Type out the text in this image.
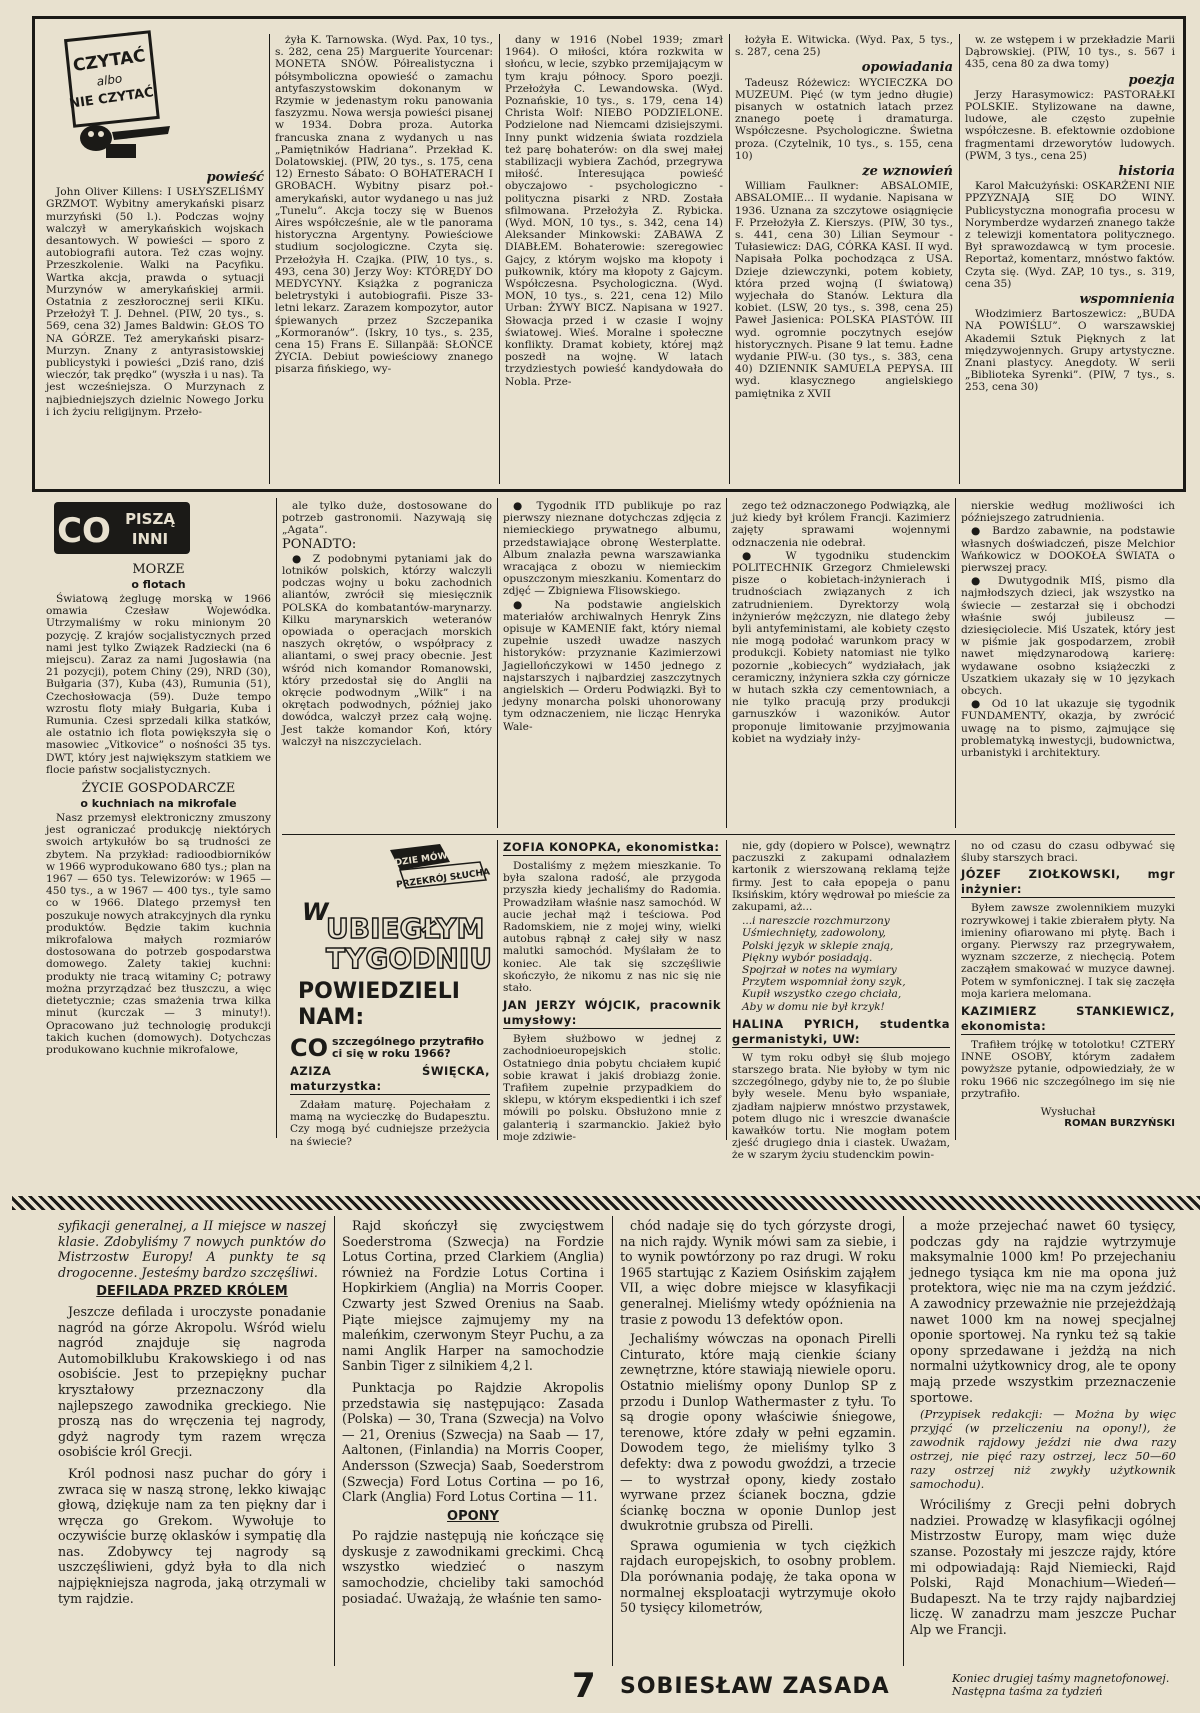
CZYTAĆ
albo
NIE CZYTAĆ
powieść

John Oliver Killens: I USŁYSZELIŚMY GRZMOT. Wybitny amerykański pisarz murzyński (50 l.). Podczas wojny walczył w amerykańskich wojskach desantowych. W powieści — sporo z autobiografii autora. Też czas wojny. Przeszkolenie. Walki na Pacyfiku. Wartka akcja, prawda o sytuacji Murzynów w amerykańskiej armii. Ostatnia z zeszłorocznej serii KIKu. Przełożył T. J. Dehnel. (PIW, 20 tys., s. 569, cena 32) James Baldwin: GŁOS TO NA GÓRZE. Też amerykański pisarz-Murzyn. Znany z antyrasistowskiej publicystyki i powieści „Dziś rano, dziś wieczór, tak prędko” (wyszła i u nas). Ta jest wcześniejsza. O Murzynach z najbiedniejszych dzielnic Nowego Jorku i ich życiu religijnym. Przeło-

żyła K. Tarnowska. (Wyd. Pax, 10 tys., s. 282, cena 25) Marguerite Yourcenar: MONETA SNÓW. Półrealistyczna i półsymboliczna opowieść o zamachu antyfaszystowskim dokonanym w Rzymie w jedenastym roku panowania faszyzmu. Nowa wersja powieści pisanej w 1934. Dobra proza. Autorka francuska znana z wydanych u nas „Pamiętników Hadriana”. Przekład K. Dolatowskiej. (PIW, 20 tys., s. 175, cena 12) Ernesto Sábato: O BOHATERACH I GROBACH. Wybitny pisarz poł.-amerykański, autor wydanego u nas już „Tunelu”. Akcja toczy się w Buenos Aires współcześnie, ale w tle panorama historyczna Argentyny. Powieściowe studium socjologiczne. Czyta się. Przełożyła H. Czajka. (PIW, 10 tys., s. 493, cena 30) Jerzy Woy: KTÓRĘDY DO MEDYCYNY. Książka z pogranicza beletrystyki i autobiografii. Pisze 33-letni lekarz. Zarazem kompozytor, autor śpiewanych przez Szczepanika „Kormoranów”. (Iskry, 10 tys., s. 235, cena 15) Frans E. Sillanpää: SŁOŃCE ŻYCIA. Debiut powieściowy znanego pisarza fińskiego, wy-

dany w 1916 (Nobel 1939; zmarł 1964). O miłości, która rozkwita w słońcu, w lecie, szybko przemijającym w tym kraju północy. Sporo poezji. Przełożyła C. Lewandowska. (Wyd. Poznańskie, 10 tys., s. 179, cena 14) Christa Wolf: NIEBO PODZIELONE. Podzielone nad Niemcami dzisiejszymi. Inny punkt widzenia świata rozdziela też parę bohaterów: on dla swej małej stabilizacji wybiera Zachód, przegrywa miłość. Interesująca powieść obyczajowo - psychologiczno - polityczna pisarki z NRD. Została sfilmowana. Przełożyła Z. Rybicka. (Wyd. MON, 10 tys., s. 342, cena 14) Aleksander Minkowski: ZABAWA Z DIABŁEM. Bohaterowie: szeregowiec Gajcy, z którym wojsko ma kłopoty i pułkownik, który ma kłopoty z Gajcym. Współczesna. Psychologiczna. (Wyd. MON, 10 tys., s. 221, cena 12) Milo Urban: ŻYWY BICZ. Napisana w 1927. Słowacja przed i w czasie I wojny światowej. Wieś. Moralne i społeczne konflikty. Dramat kobiety, której mąż poszedł na wojnę. W latach trzydziestych powieść kandydowała do Nobla. Prze-

łożyła E. Witwicka. (Wyd. Pax, 5 tys., s. 287, cena 25)

opowiadania

Tadeusz Różewicz: WYCIECZKA DO MUZEUM. Pięć (w tym jedno długie) pisanych w ostatnich latach przez znanego poetę i dramaturga. Współczesne. Psychologiczne. Świetna proza. (Czytelnik, 10 tys., s. 155, cena 10)

ze wznowień

William Faulkner: ABSALOMIE, ABSALOMIE... II wydanie. Napisana w 1936. Uznana za szczytowe osiągnięcie F. Przełożyła Z. Kierszys. (PIW, 30 tys., s. 441, cena 30) Lilian Seymour - Tułasiewicz: DAG, CÓRKA KASI. II wyd. Napisała Polka pochodząca z USA. Dzieje dziewczynki, potem kobiety, która przed wojną (I światową) wyjechała do Stanów. Lektura dla kobiet. (LSW, 20 tys., s. 398, cena 25) Paweł Jasienica: POLSKA PIASTÓW. III wyd. ogromnie poczytnych esejów historycznych. Pisane 9 lat temu. Ładne wydanie PIW-u. (30 tys., s. 383, cena 40) DZIENNIK SAMUELA PEPYSA. III wyd. klasycznego angielskiego pamiętnika z XVII

w. ze wstępem i w przekładzie Marii Dąbrowskiej. (PIW, 10 tys., s. 567 i 435, cena 80 za dwa tomy)

poezja

Jerzy Harasymowicz: PASTORAŁKI POLSKIE. Stylizowane na dawne, ludowe, ale często zupełnie współczesne. B. efektownie ozdobione fragmentami drzeworytów ludowych. (PWM, 3 tys., cena 25)

historia

Karol Małcużyński: OSKARŻENI NIE PPZYZNAJĄ SIĘ DO WINY. Publicystyczna monografia procesu w Norymberdze wydarzeń znanego także z telewizji komentatora politycznego. Był sprawozdawcą w tym procesie. Reportaż, komentarz, mnóstwo faktów. Czyta się. (Wyd. ZAP, 10 tys., s. 319, cena 35)

wspomnienia

Włodzimierz Bartoszewicz: „BUDA NA POWIŚLU”. O warszawskiej Akademii Sztuk Pięknych z lat międzywojennych. Grupy artystyczne. Znani plastycy. Anegdoty. W serii „Biblioteka Syrenki”. (PIW, 7 tys., s. 253, cena 30)

CO PISZĄ
INNI
MORZE
o flotach

Światową żeglugę morską w 1966 omawia Czesław Wojewódka. Utrzymaliśmy w roku minionym 20 pozycję. Z krajów socjalistycznych przed nami jest tylko Związek Radziecki (na 6 miejscu). Zaraz za nami Jugosławia (na 21 pozycji), potem Chiny (29), NRD (30), Bułgaria (37), Kuba (43), Rumunia (51), Czechosłowacja (59). Duże tempo wzrostu floty miały Bułgaria, Kuba i Rumunia. Czesi sprzedali kilka statków, ale ostatnio ich flota powiększyła się o masowiec „Vitkovice” o nośności 35 tys. DWT, który jest największym statkiem we flocie państw socjalistycznych.

ŻYCIE GOSPODARCZE
o kuchniach na mikrofale

Nasz przemysł elektroniczny zmuszony jest ograniczać produkcję niektórych swoich artykułów bo są trudności ze zbytem. Na przykład: radioodbiorników w 1966 wyprodukowano 680 tys.; plan na 1967 — 650 tys. Telewizorów: w 1965 — 450 tys., a w 1967 — 400 tys., tyle samo co w 1966. Dlatego przemysł ten poszukuje nowych atrakcyjnych dla rynku produktów. Będzie takim kuchnia mikrofalowa małych rozmiarów dostosowana do potrzeb gospodarstwa domowego. Zalety takiej kuchni: produkty nie tracą witaminy C; potrawy można przyrządzać bez tłuszczu, a więc dietetycznie; czas smażenia trwa kilka minut (kurczak — 3 minuty!). Opracowano już technologię produkcji takich kuchen (domowych). Dotychczas produkowano kuchnie mikrofalowe,

ale tylko duże, dostosowane do potrzeb gastronomii. Nazywają się „Agata”.

PONADTO:

● Z podobnymi pytaniami jak do lotników polskich, którzy walczyli podczas wojny u boku zachodnich aliantów, zwrócił się miesięcznik POLSKA do kombatantów-marynarzy. Kilku marynarskich weteranów opowiada o operacjach morskich naszych okrętów, o współpracy z aliantami, o swej pracy obecnie. Jest wśród nich komandor Romanowski, który przedostał się do Anglii na okręcie podwodnym „Wilk” i na okrętach podwodnych, później jako dowódca, walczył przez całą wojnę. Jest także komandor Koń, który walczył na niszczycielach.

● Tygodnik ITD publikuje po raz pierwszy nieznane dotychczas zdjęcia z niemieckiego prywatnego albumu, przedstawiające obronę Westerplatte. Album znalazła pewna warszawianka wracająca z obozu w niemieckim opuszczonym mieszkaniu. Komentarz do zdjęć — Zbigniewa Flisowskiego.

● Na podstawie angielskich materiałów archiwalnych Henryk Zins opisuje w KAMENIE fakt, który niemal zupełnie uszedł uwadze naszych historyków: przyznanie Kazimierzowi Jagiellończykowi w 1450 jednego z najstarszych i najbardziej zaszczytnych angielskich — Orderu Podwiązki. Był to jedyny monarcha polski uhonorowany tym odznaczeniem, nie licząc Henryka Wale-

zego też odznaczonego Podwiązką, ale już kiedy był królem Francji. Kazimierz zajęty sprawami wojennymi odznaczenia nie odebrał.

● W tygodniku studenckim POLITECHNIK Grzegorz Chmielewski pisze o kobietach-inżynierach i trudnościach związanych z ich zatrudnieniem. Dyrektorzy wolą inżynierów mężczyzn, nie dlatego żeby byli antyfeministami, ale kobiety często nie mogą podołać warunkom pracy w produkcji. Kobiety natomiast nie tylko pozornie „kobiecych” wydziałach, jak ceramiczny, inżyniera szkła czy górnicze w hutach szkła czy cementowniach, a nie tylko pracują przy produkcji garnuszków i wazoników. Autor proponuje limitowanie przyjmowania kobiet na wydziały inży-

nierskie według możliwości ich późniejszego zatrudnienia.

● Bardzo zabawnie, na podstawie własnych doświadczeń, pisze Melchior Wańkowicz w DOOKOŁA ŚWIATA o pierwszej pracy.

● Dwutygodnik MIŚ, pismo dla najmłodszych dzieci, jak wszystko na świecie — zestarzał się i obchodzi właśnie swój jubileusz — dziesięciolecie. Miś Uszatek, który jest w piśmie jak gospodarzem, zrobił nawet międzynarodową karierę: wydawane osobno książeczki z Uszatkiem ukazały się w 10 językach obcych.

● Od 10 lat ukazuje się tygodnik FUNDAMENTY, okazja, by zwrócić uwagę na to pismo, zajmujące się problematyką inwestycji, budownictwa, urbanistyki i architektury.

LUDZIE MÓWIĄ
PRZEKRÓJ SŁUCHA
W
UBIEGŁYM
TYGODNIU
POWIEDZIELI
NAM:
CO szczególnego przytrafiło ci się w roku 1966?
AZIZA ŚWIĘCKA, maturzystka:

Zdałam maturę. Pojechałam z mamą na wycieczkę do Budapesztu. Czy mogą być cudniejsze przeżycia na świecie?

ZOFIA KONOPKA, ekonomistka:

Dostaliśmy z mężem mieszkanie. To była szalona radość, ale przygoda przyszła kiedy jechaliśmy do Radomia. Prowadziłam właśnie nasz samochód. W aucie jechał mąż i teściowa. Pod Radomskiem, nie z mojej winy, wielki autobus rąbnął z całej siły w nasz malutki samochód. Myślałam że to koniec. Ale tak się szczęśliwie skończyło, że nikomu z nas nic się nie stało.

JAN JERZY WÓJCIK, pracownik umysłowy:

Byłem służbowo w jednej z zachodnioeuropejskich stolic. Ostatniego dnia pobytu chciałem kupić sobie krawat i jakiś drobiazg żonie. Trafiłem zupełnie przypadkiem do sklepu, w którym ekspedientki i ich szef mówili po polsku. Obsłużono mnie z galanterią i szarmanckio. Jakież było moje zdziwie-

nie, gdy (dopiero w Polsce), wewnątrz paczuszki z zakupami odnalazłem kartonik z wierszowaną reklamą tejże firmy. Jest to cała epopeja o panu Iksińskim, który wędrował po mieście za zakupami, aż...

...i nareszcie rozchmurzony
Uśmiechnięty, zadowolony,
Polski język w sklepie znają,
Piękny wybór posiadają.
Spojrzał w notes na wymiary
Przytem wspomniał żony szyk,
Kupił wszystko czego chciała,
Aby w domu nie był krzyk!
HALINA PYRICH, studentka germanistyki, UW:

W tym roku odbył się ślub mojego starszego brata. Nie byłoby w tym nic szczególnego, gdyby nie to, że po ślubie były wesele. Menu było wspaniałe, zjadłam najpierw mnóstwo przystawek, potem dlugo nic i wreszcie dwanaście kawałków tortu. Nie mogłam potem zjeść drugiego dnia i ciastek. Uważam, że w szarym życiu studenckim powin-

no od czasu do czasu odbywać się śluby starszych braci.

JÓZEF ZIOŁKOWSKI, mgr inżynier:

Byłem zawsze zwolennikiem muzyki rozrywkowej i takie zbierałem płyty. Na imieniny ofiarowano mi płytę. Bach i organy. Pierwszy raz przegrywałem, wyznam szczerze, z niechęcią. Potem zacząłem smakować w muzyce dawnej. Potem w symfonicznej. I tak się zaczęła moja kariera melomana.

KAZIMIERZ STANKIEWICZ, ekonomista:

Trafiłem trójkę w totolotku! CZTERY INNE OSOBY, którym zadałem powyższe pytanie, odpowiedziały, że w roku 1966 nic szczególnego im się nie przytrafiło.

Wysłuchał
ROMAN BURZYŃSKI

syfikacji generalnej, a II miejsce w naszej klasie. Zdobyliśmy 7 nowych punktów do Mistrzostw Europy! A punkty te są drogocenne. Jesteśmy bardzo szczęśliwi.

DEFILADA PRZED KRÓLEM

Jeszcze defilada i uroczyste ponadanie nagród na górze Akropolu. Wśród wielu nagród znajduje się nagroda Automobilklubu Krakowskiego i od nas osobiście. Jest to przepiękny puchar kryształowy przeznaczony dla najlepszego zawodnika greckiego. Nie proszą nas do wręczenia tej nagrody, gdyż nagrody tym razem wręcza osobiście król Grecji.

Król podnosi nasz puchar do góry i zwraca się w naszą stronę, lekko kiwając głową, dziękuje nam za ten piękny dar i wręcza go Grekom. Wywołuje to oczywiście burzę oklasków i sympatię dla nas. Zdobywcy tej nagrody są uszczęśliwieni, gdyż była to dla nich najpiękniejsza nagroda, jaką otrzymali w tym rajdzie.

Rajd skończył się zwycięstwem Soederstroma (Szwecja) na Fordzie Lotus Cortina, przed Clarkiem (Anglia) również na Fordzie Lotus Cortina i Hopkirkiem (Anglia) na Morris Cooper. Czwarty jest Szwed Orenius na Saab. Piąte miejsce zajmujemy my na maleńkim, czerwonym Steyr Puchu, a za nami Anglik Harper na samochodzie Sanbin Tiger z silnikiem 4,2 l.

Punktacja po Rajdzie Akropolis przedstawia się następująco: Zasada (Polska) — 30, Trana (Szwecja) na Volvo — 21, Orenius (Szwecja) na Saab — 17, Aaltonen, (Finlandia) na Morris Cooper, Andersson (Szwecja) Saab, Soederstrom (Szwecja) Ford Lotus Cortina — po 16, Clark (Anglia) Ford Lotus Cortina — 11.

OPONY

Po rajdzie następują nie kończące się dyskusje z zawodnikami greckimi. Chcą wszystko wiedzieć o naszym samochodzie, chcieliby taki samochód posiadać. Uważają, że właśnie ten samo-

chód nadaje się do tych górzyste drogi, na nich rajdy. Wynik mówi sam za siebie, i to wynik powtórzony po raz drugi. W roku 1965 startując z Kaziem Osińskim zająłem VII, a więc dobre miejsce w klasyfikacji generalnej. Mieliśmy wtedy opóźnienia na trasie z powodu 13 defektów opon.

Jechaliśmy wówczas na oponach Pirelli Cinturato, które mają cienkie ściany zewnętrzne, które stawiają niewiele oporu. Ostatnio mieliśmy opony Dunlop SP z przodu i Dunlop Wathermaster z tyłu. To są drogie opony właściwie śniegowe, terenowe, które zdały w pełni egzamin. Dowodem tego, że mieliśmy tylko 3 defekty: dwa z powodu gwoździ, a trzecie — to wystrzał opony, kiedy zostało wyrwane przez ścianek boczna, gdzie ściankę boczna w oponie Dunlop jest dwukrotnie grubsza od Pirelli.

Sprawa ogumienia w tych ciężkich rajdach europejskich, to osobny problem. Dla porównania podaję, że taka opona w normalnej eksploatacji wytrzymuje około 50 tysięcy kilometrów,

a może przejechać nawet 60 tysięcy, podczas gdy na rajdzie wytrzymuje maksymalnie 1000 km! Po przejechaniu jednego tysiąca km nie ma opona już protektora, więc nie ma na czym jeździć. A zawodnicy przeważnie nie przejeżdżają nawet 1000 km na nowej specjalnej oponie sportowej. Na rynku też są takie opony sprzedawane i jeżdżą na nich normalni użytkownicy drog, ale te opony mają przede wszystkim przeznaczenie sportowe.

(Przypisek redakcji: — Można by więc przyjąć (w przeliczeniu na opony!), że zawodnik rajdowy jeździ nie dwa razy ostrzej, nie pięć razy ostrzej, lecz 50—60 razy ostrzej niż zwykły użytkownik samochodu).

Wróciliśmy z Grecji pełni dobrych nadziei. Prowadzę w klasyfikacji ogólnej Mistrzostw Europy, mam więc duże szanse. Pozostały mi jeszcze rajdy, które mi odpowiadają: Rajd Niemiecki, Rajd Polski, Rajd Monachium—Wiedeń—Budapeszt. Na te trzy rajdy najbardziej liczę. W zanadrzu mam jeszcze Puchar Alp we Francji.

7 SOBIESŁAW ZASADA	Koniec drugiej taśmy magnetofonowej. Następna taśma za tydzień
